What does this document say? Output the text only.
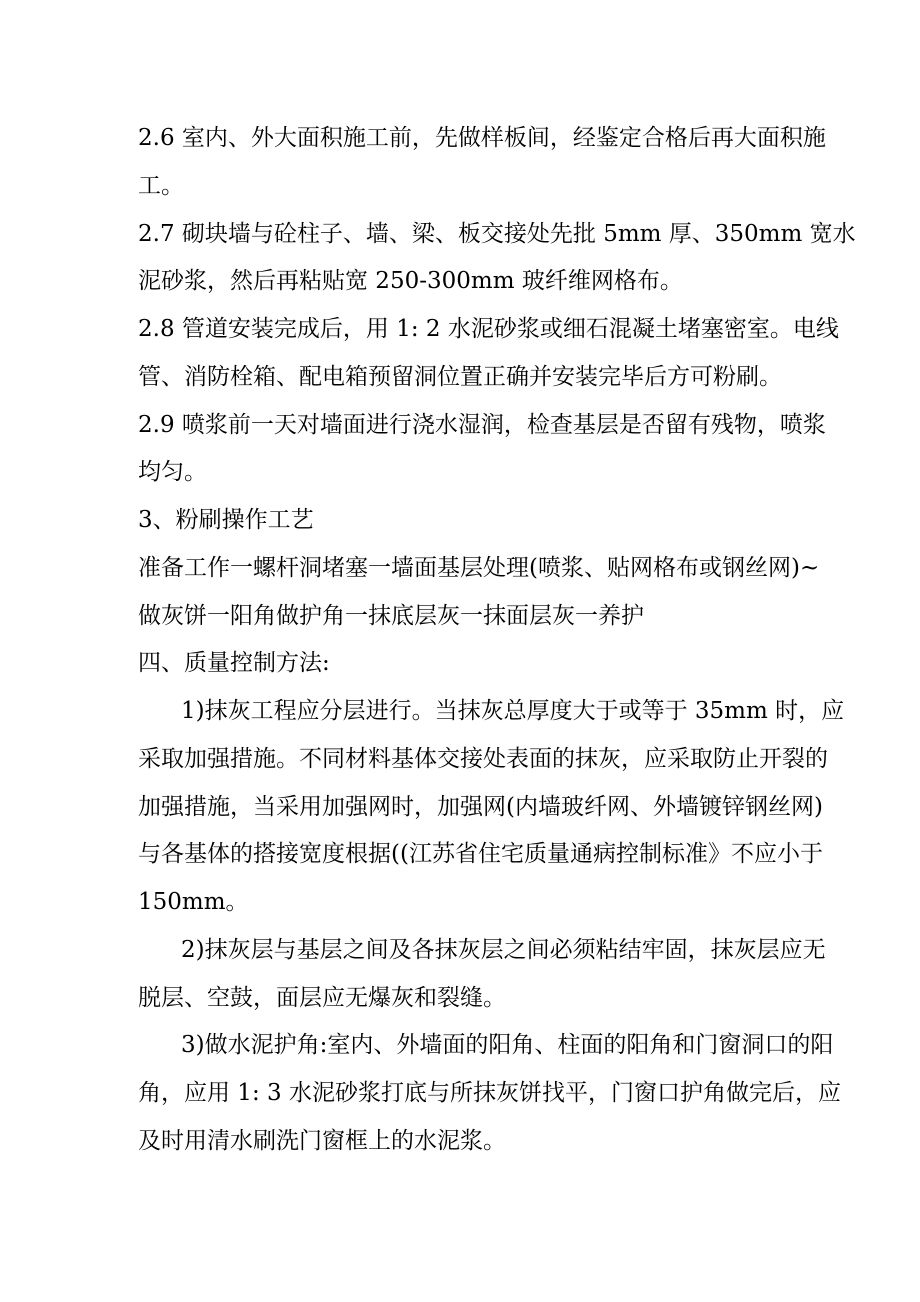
2.6 室内、外大面积施工前，先做样板间，经鉴定合格后再大面积施
工。
2.7 砌块墙与砼柱子、墙、梁、板交接处先批 5mm 厚、350mm 宽水
泥砂浆，然后再粘贴宽 250-300mm 玻纤维网格布。
2.8 管道安装完成后，用 1: 2 水泥砂浆或细石混凝土堵塞密室。电线
管、消防栓箱、配电箱预留洞位置正确并安装完毕后方可粉刷。
2.9 喷浆前一天对墙面进行浇水湿润，检查基层是否留有残物，喷浆
均匀。
3、粉刷操作工艺
准备工作一螺杆洞堵塞一墙面基层处理(喷浆、贴网格布或钢丝网)~
做灰饼一阳角做护角一抹底层灰一抹面层灰一养护
四、质量控制方法:
1)抹灰工程应分层进行。当抹灰总厚度大于或等于 35mm 时，应
采取加强措施。不同材料基体交接处表面的抹灰，应采取防止开裂的
加强措施，当采用加强网时，加强网(内墙玻纤网、外墙镀锌钢丝网)
与各基体的搭接宽度根据((江苏省住宅质量通病控制标准》不应小于
150mm。
2)抹灰层与基层之间及各抹灰层之间必须粘结牢固，抹灰层应无
脱层、空鼓，面层应无爆灰和裂缝。
3)做水泥护角:室内、外墙面的阳角、柱面的阳角和门窗洞口的阳
角，应用 1: 3 水泥砂浆打底与所抹灰饼找平，门窗口护角做完后，应
及时用清水刷洗门窗框上的水泥浆。
